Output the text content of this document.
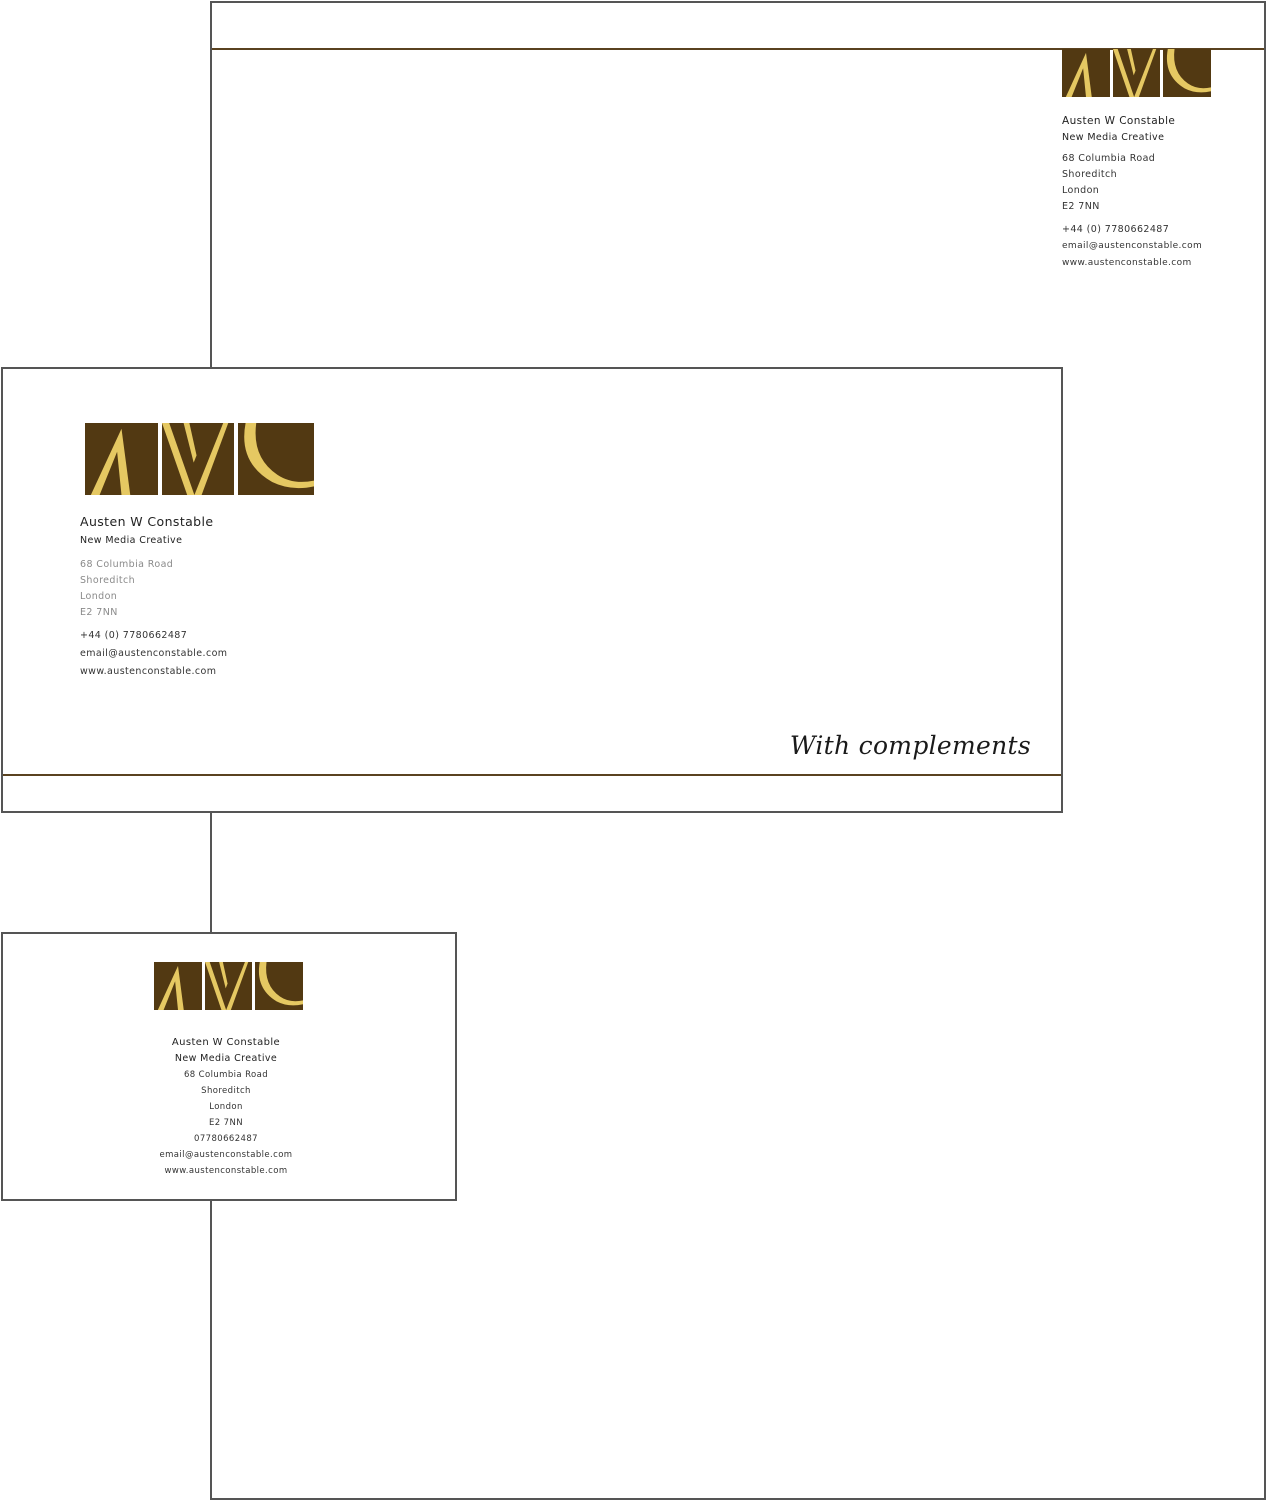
Austen W Constable
New Media Creative
68 Columbia Road
Shoreditch
London
E2 7NN
+44 (0) 7780662487
email@austenconstable.com
www.austenconstable.com
With complements
Austen W Constable
New Media Creative
68 Columbia Road
Shoreditch
London
E2 7NN
+44 (0) 7780662487
email@austenconstable.com
www.austenconstable.com
Austen W Constable
New Media Creative
68 Columbia Road
Shoreditch
London
E2 7NN
07780662487
email@austenconstable.com
www.austenconstable.com
